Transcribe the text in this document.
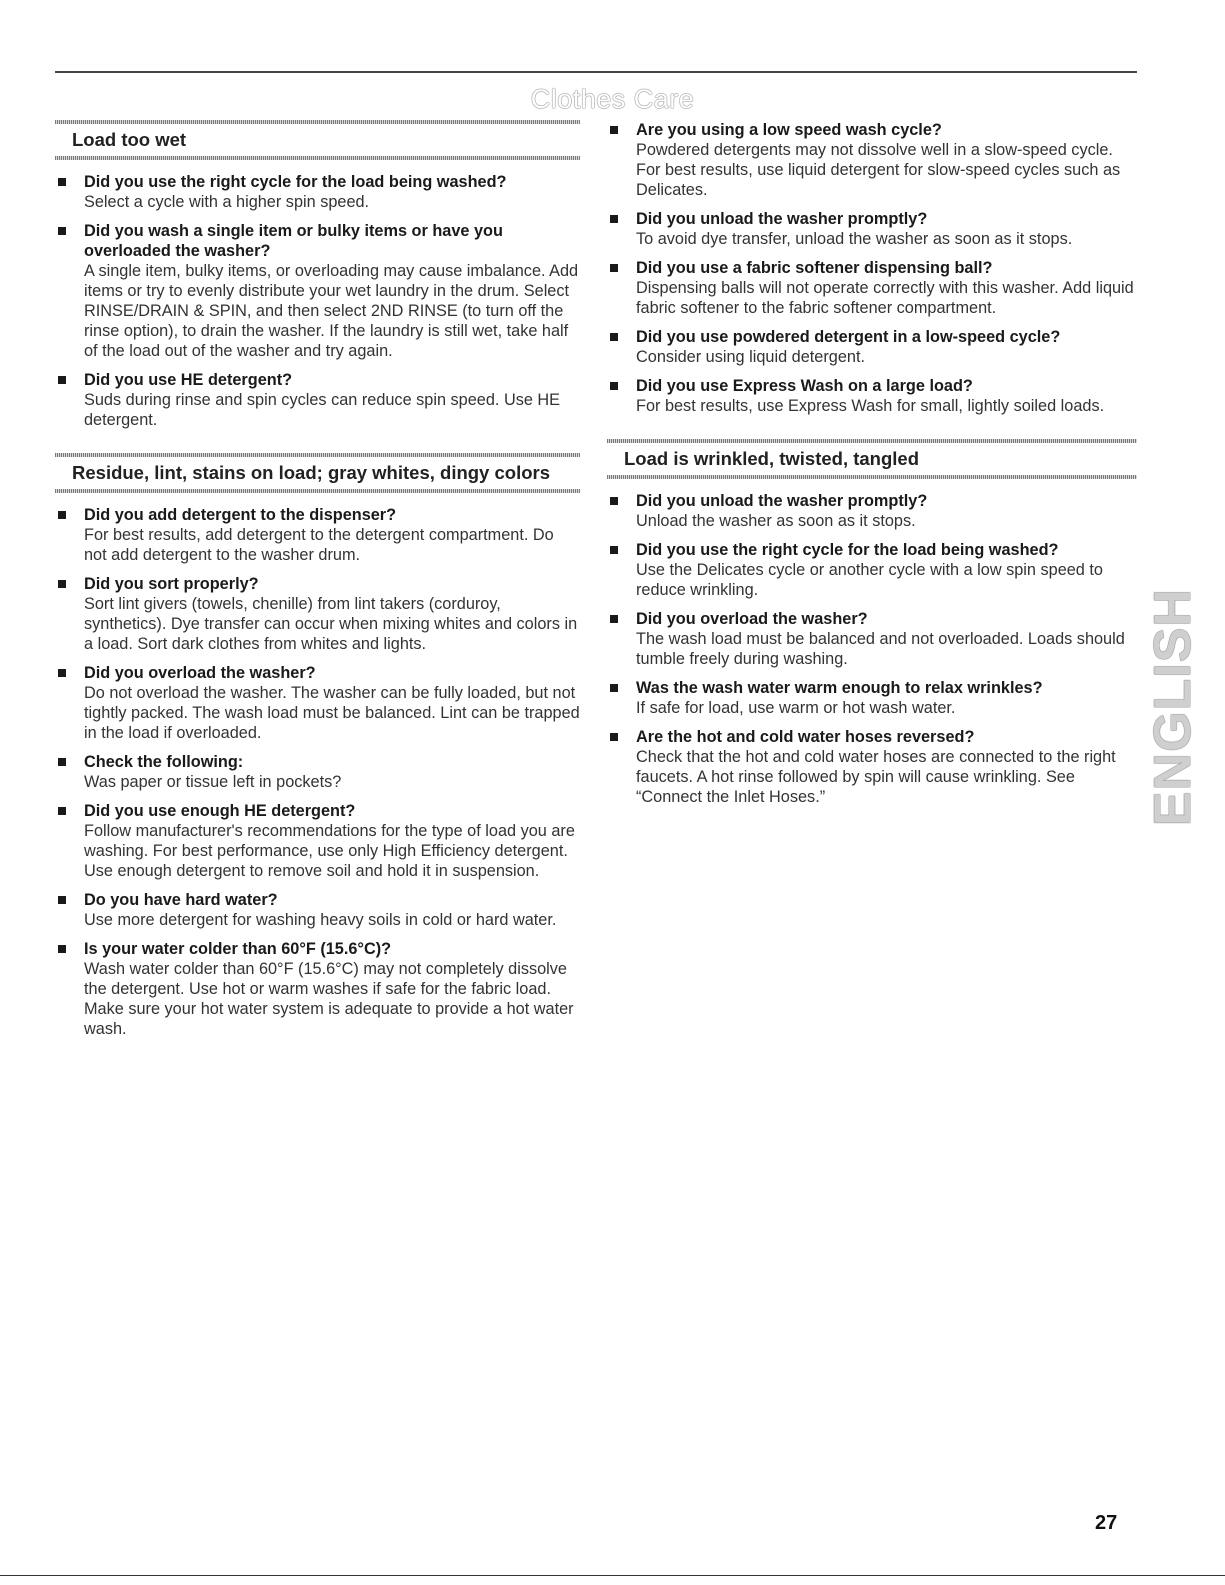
Clothes Care
Load too wet
Did you use the right cycle for the load being washed?
Select a cycle with a higher spin speed.
Did you wash a single item or bulky items or have you overloaded the washer?
A single item, bulky items, or overloading may cause imbalance. Add items or try to evenly distribute your wet laundry in the drum. Select RINSE/DRAIN & SPIN, and then select 2ND RINSE (to turn off the rinse option), to drain the washer. If the laundry is still wet, take half of the load out of the washer and try again.
Did you use HE detergent?
Suds during rinse and spin cycles can reduce spin speed. Use HE detergent.
Residue, lint, stains on load; gray whites, dingy colors
Did you add detergent to the dispenser?
For best results, add detergent to the detergent compartment. Do not add detergent to the washer drum.
Did you sort properly?
Sort lint givers (towels, chenille) from lint takers (corduroy, synthetics). Dye transfer can occur when mixing whites and colors in a load. Sort dark clothes from whites and lights.
Did you overload the washer?
Do not overload the washer. The washer can be fully loaded, but not tightly packed. The wash load must be balanced. Lint can be trapped in the load if overloaded.
Check the following:
Was paper or tissue left in pockets?
Did you use enough HE detergent?
Follow manufacturer's recommendations for the type of load you are washing. For best performance, use only High Efficiency detergent. Use enough detergent to remove soil and hold it in suspension.
Do you have hard water?
Use more detergent for washing heavy soils in cold or hard water.
Is your water colder than 60°F (15.6°C)?
Wash water colder than 60°F (15.6°C) may not completely dissolve the detergent. Use hot or warm washes if safe for the fabric load. Make sure your hot water system is adequate to provide a hot water wash.
Are you using a low speed wash cycle?
Powdered detergents may not dissolve well in a slow-speed cycle. For best results, use liquid detergent for slow-speed cycles such as Delicates.
Did you unload the washer promptly?
To avoid dye transfer, unload the washer as soon as it stops.
Did you use a fabric softener dispensing ball?
Dispensing balls will not operate correctly with this washer. Add liquid fabric softener to the fabric softener compartment.
Did you use powdered detergent in a low-speed cycle?
Consider using liquid detergent.
Did you use Express Wash on a large load?
For best results, use Express Wash for small, lightly soiled loads.
Load is wrinkled, twisted, tangled
Did you unload the washer promptly?
Unload the washer as soon as it stops.
Did you use the right cycle for the load being washed?
Use the Delicates cycle or another cycle with a low spin speed to reduce wrinkling.
Did you overload the washer?
The wash load must be balanced and not overloaded. Loads should tumble freely during washing.
Was the wash water warm enough to relax wrinkles?
If safe for load, use warm or hot wash water.
Are the hot and cold water hoses reversed?
Check that the hot and cold water hoses are connected to the right faucets. A hot rinse followed by spin will cause wrinkling. See “Connect the Inlet Hoses.”	ENGLISH
27
